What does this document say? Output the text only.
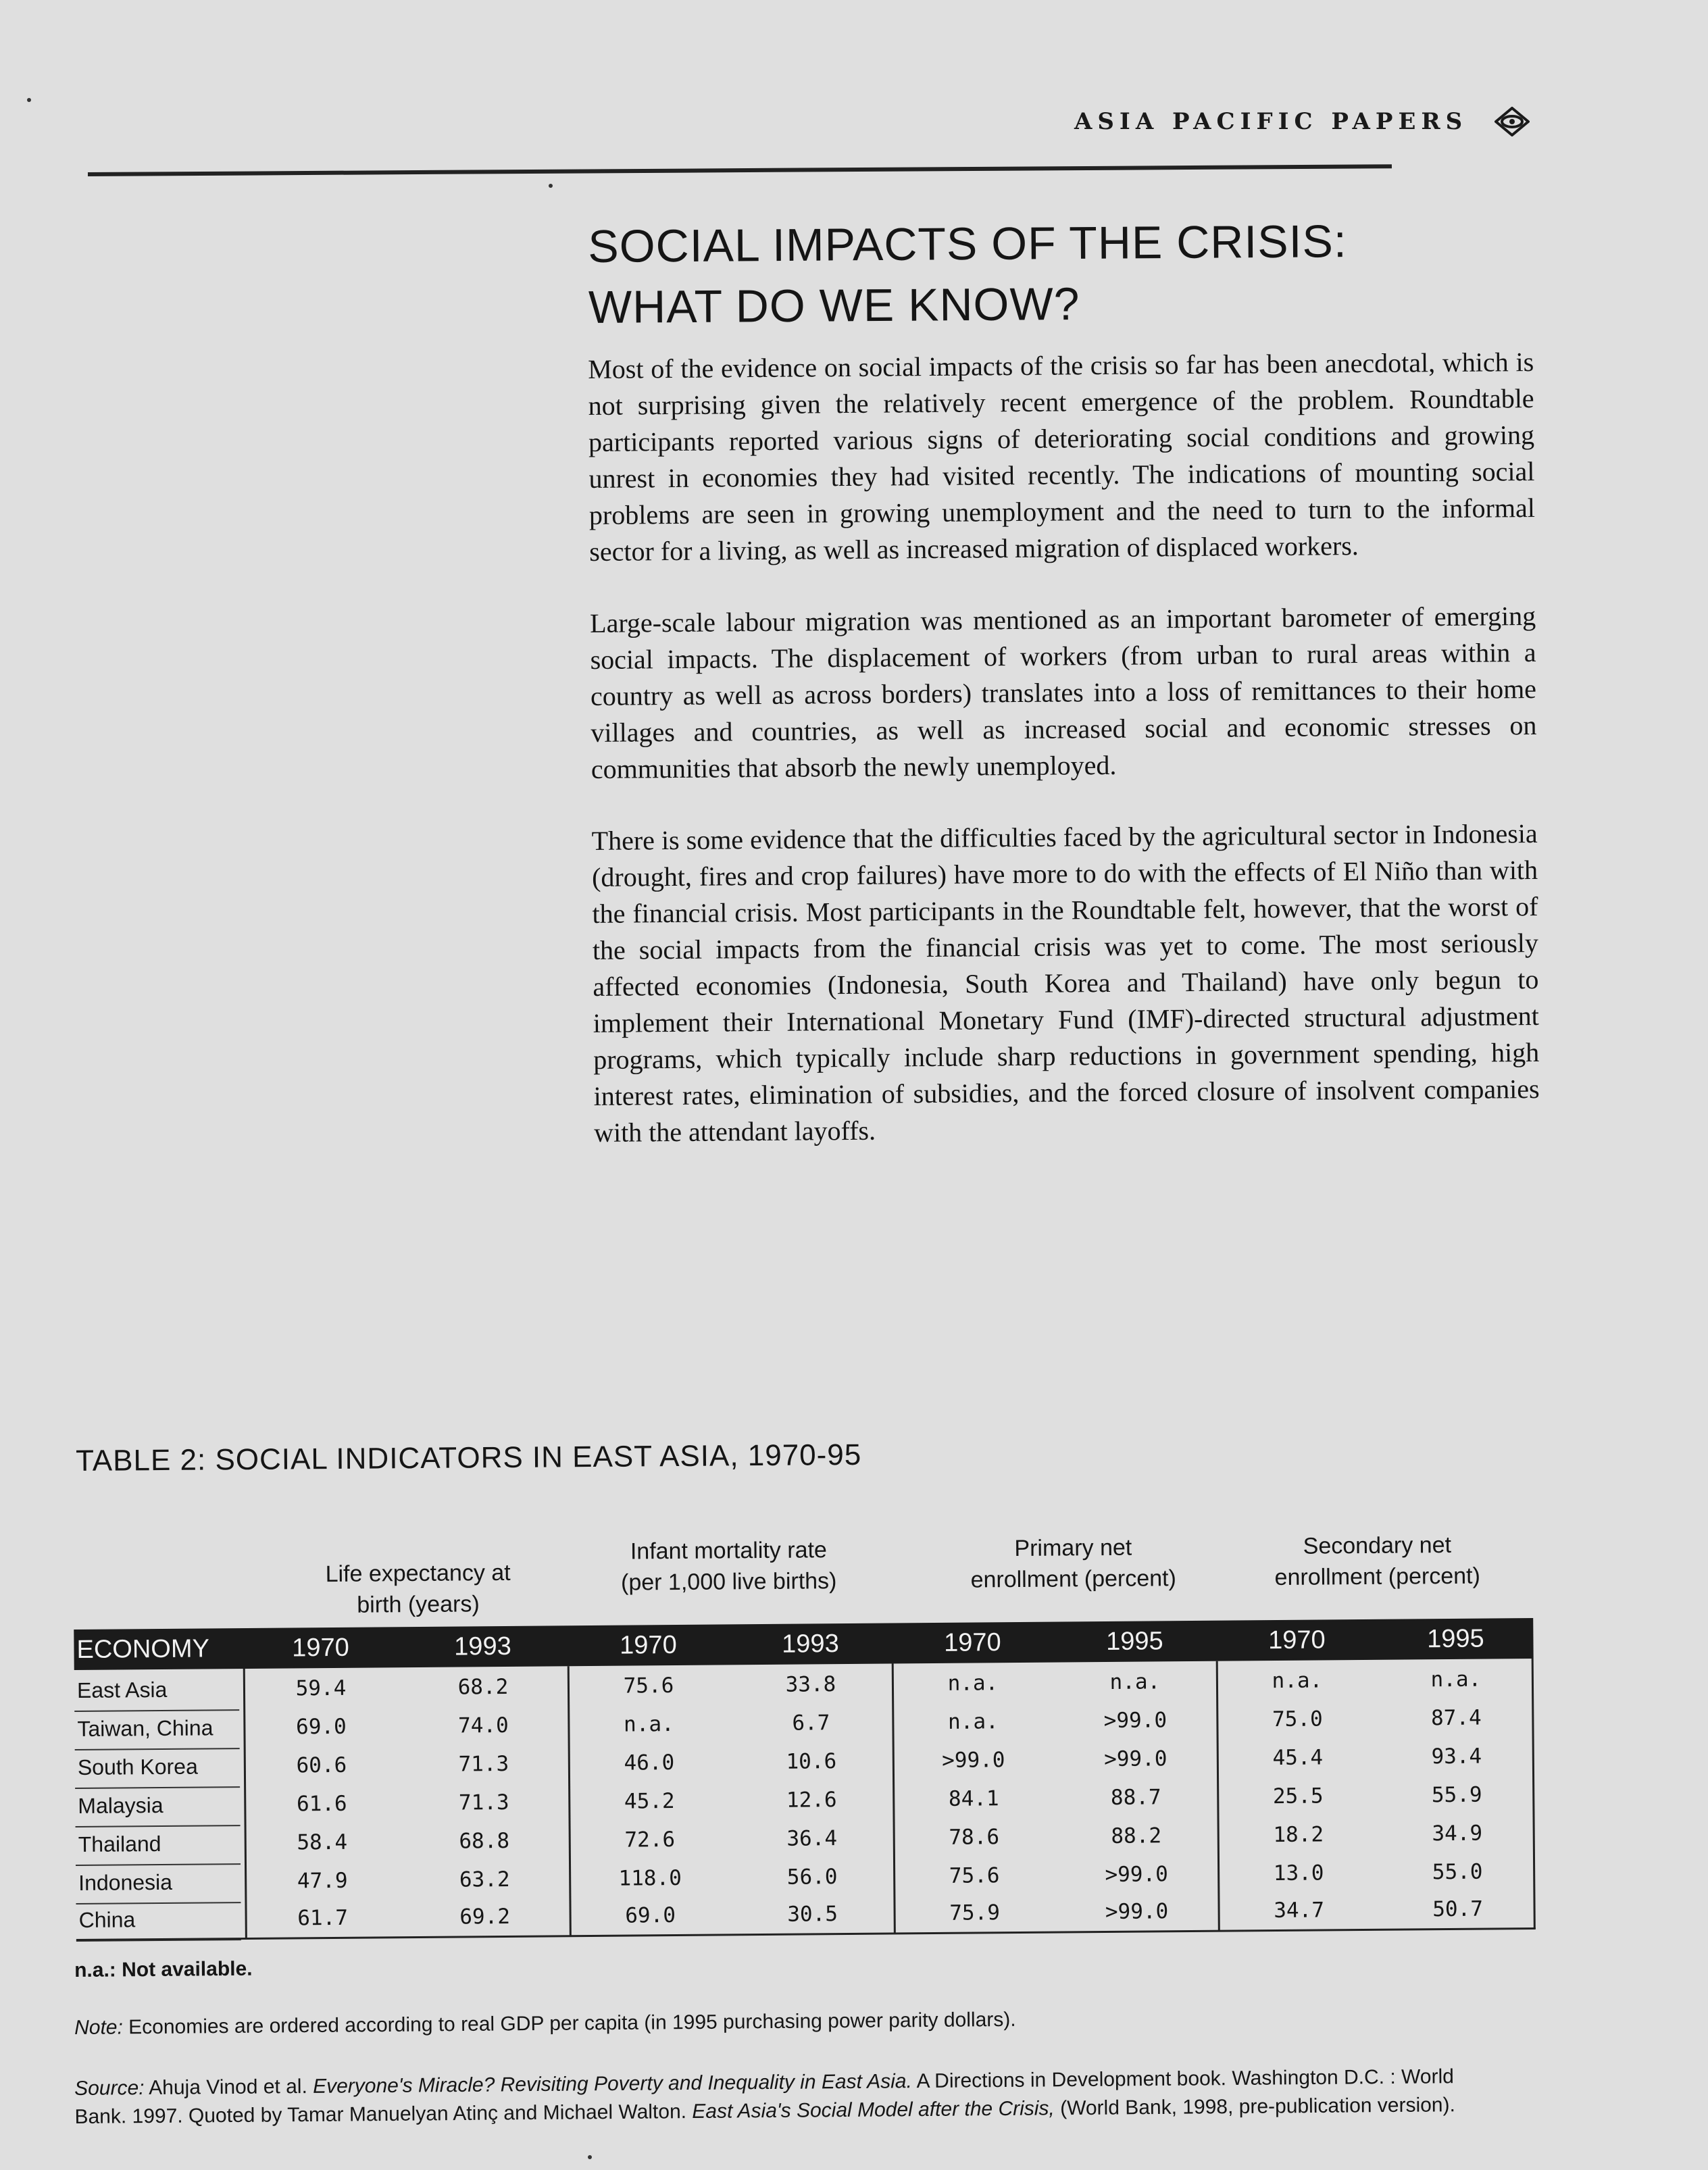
ASIA PACIFIC PAPERS
SOCIAL IMPACTS OF THE CRISIS:
WHAT DO WE KNOW?

Most of the evidence on social impacts of the crisis so far has been anecdotal, which is not surprising given the relatively recent emergence of the problem. Roundtable participants reported various signs of deteriorating social conditions and growing unrest in economies they had visited recently. The indications of mounting social problems are seen in growing unemployment and the need to turn to the informal sector for a living, as well as increased migration of displaced workers.

Large-scale labour migration was mentioned as an important barometer of emerging social impacts. The displacement of workers (from urban to rural areas within a country as well as across borders) translates into a loss of remittances to their home villages and countries, as well as increased social and economic stresses on communities that absorb the newly unemployed.

There is some evidence that the difficulties faced by the agricultural sector in Indonesia (drought, fires and crop failures) have more to do with the effects of El Niño than with the financial crisis. Most participants in the Roundtable felt, however, that the worst of the social impacts from the financial crisis was yet to come. The most seriously affected economies (Indonesia, South Korea and Thailand) have only begun to implement their International Monetary Fund (IMF)-directed structural adjustment programs, which typically include sharp reductions in government spending, high interest rates, elimination of subsidies, and the forced closure of insolvent companies with the attendant layoffs.

TABLE 2: SOCIAL INDICATORS IN EAST ASIA, 1970-95
Life expectancy at
birth (years)
Infant mortality rate
(per 1,000 live births)
Primary net
enrollment (percent)
Secondary net
enrollment (percent)
ECONOMY	1970	1993	1970	1993	1970	1995	1970	1995
East Asia	59.4	68.2	75.6	33.8	n.a.	n.a.	n.a.	n.a.
Taiwan, China	69.0	74.0	n.a.	6.7	n.a.	>99.0	75.0	87.4
South Korea	60.6	71.3	46.0	10.6	>99.0	>99.0	45.4	93.4
Malaysia	61.6	71.3	45.2	12.6	84.1	88.7	25.5	55.9
Thailand	58.4	68.8	72.6	36.4	78.6	88.2	18.2	34.9
Indonesia	47.9	63.2	118.0	56.0	75.6	>99.0	13.0	55.0
China	61.7	69.2	69.0	30.5	75.9	>99.0	34.7	50.7
n.a.: Not available.
Note: Economies are ordered according to real GDP per capita (in 1995 purchasing power parity dollars).
Source: Ahuja Vinod et al. Everyone's Miracle? Revisiting Poverty and Inequality in East Asia. A Directions in Development book. Washington D.C. : World
Bank. 1997. Quoted by Tamar Manuelyan Atinç and Michael Walton. East Asia's Social Model after the Crisis, (World Bank, 1998, pre-publication version).
